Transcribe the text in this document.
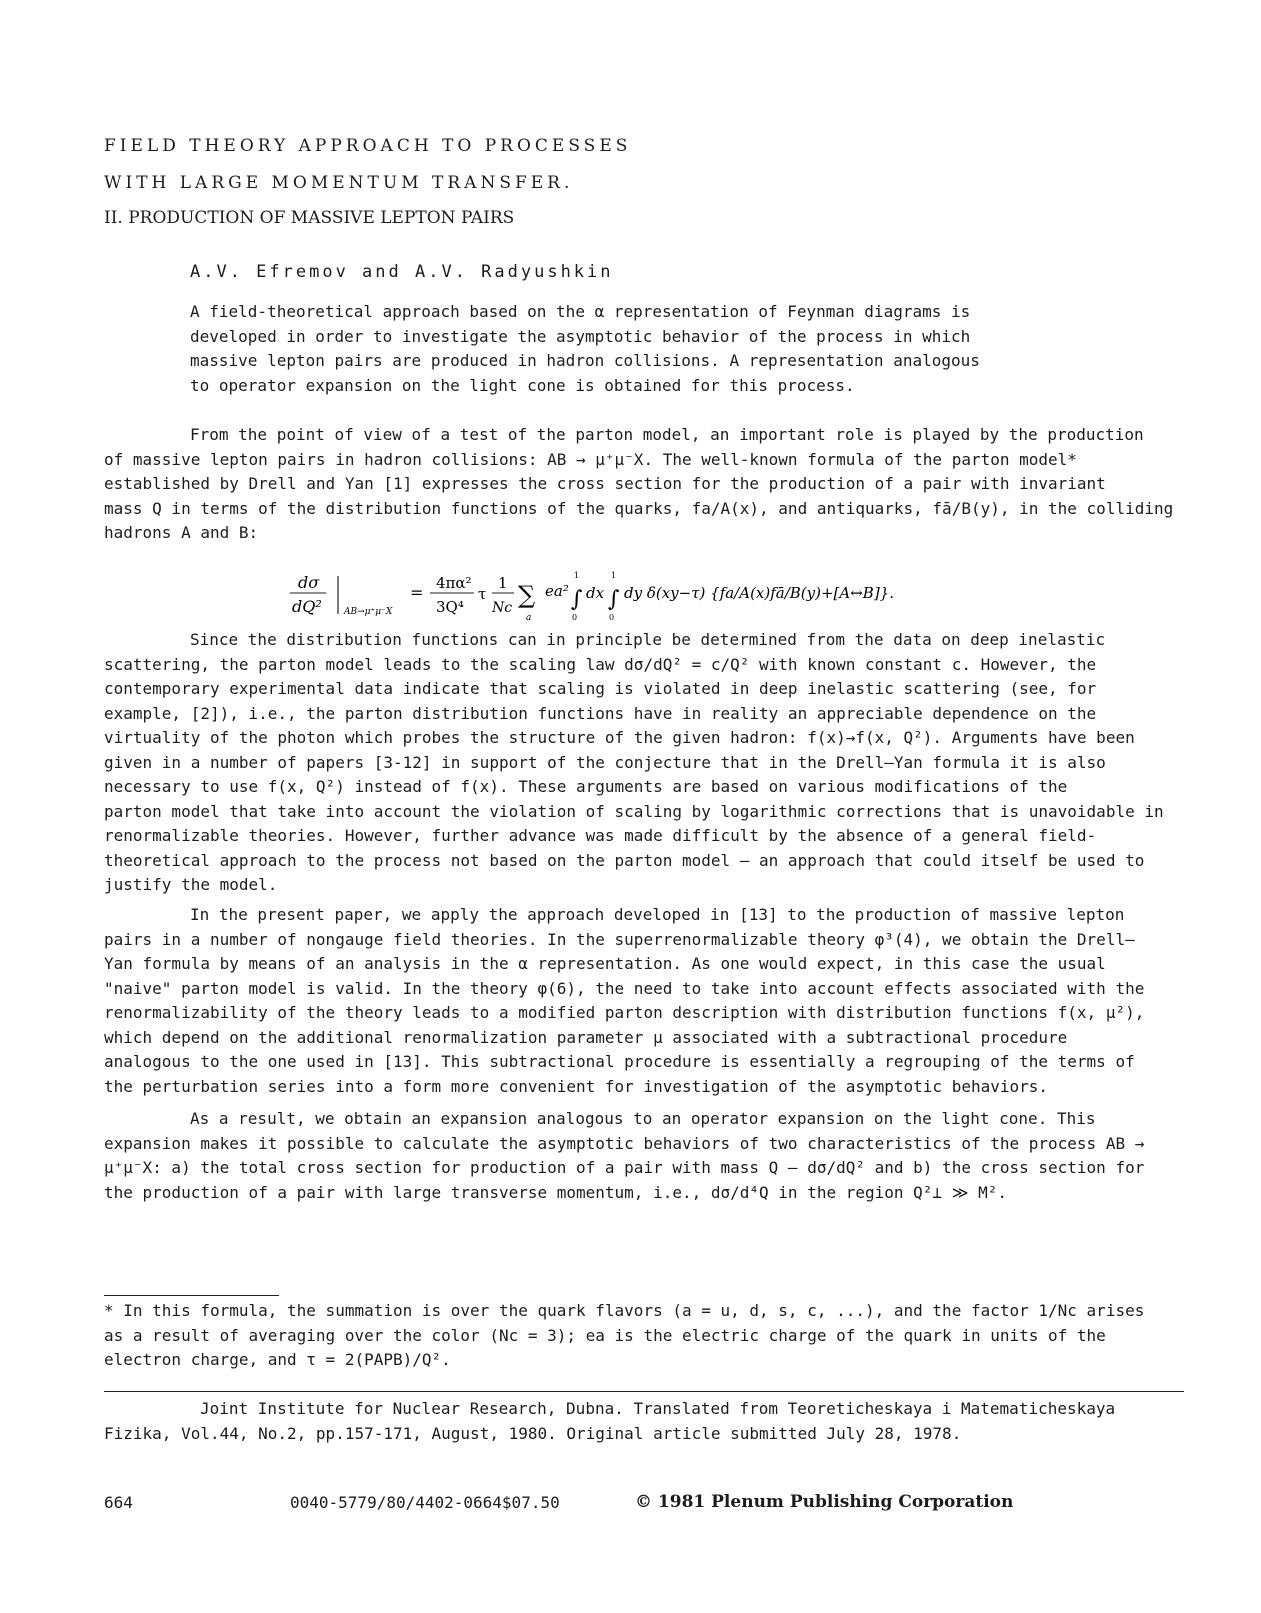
FIELD THEORY APPROACH TO PROCESSES
WITH LARGE MOMENTUM TRANSFER.
II. PRODUCTION OF MASSIVE LEPTON PAIRS
A.V. Efremov and A.V. Radyushkin
A field-theoretical approach based on the α representation of Feynman diagrams is
developed in order to investigate the asymptotic behavior of the process in which
massive lepton pairs are produced in hadron collisions. A representation analogous
to operator expansion on the light cone is obtained for this process.
From the point of view of a test of the parton model, an important role is played by the production
of massive lepton pairs in hadron collisions: AB → μ⁺μ⁻X. The well-known formula of the parton model*
established by Drell and Yan [1] expresses the cross section for the production of a pair with invariant
mass Q in terms of the distribution functions of the quarks, fa/A(x), and antiquarks, fā/B(y), in the colliding
hadrons A and B:
dσ
dQ² AB→μ⁺μ⁻X
= 4πα²
3Q⁴
τ
1
Nc ∑
a
ea² ∫
1
0
dx ∫
1
0
dy δ(xy−τ) {fa/A(x)fā/B(y)+[A↔B]}.
Since the distribution functions can in principle be determined from the data on deep inelastic
scattering, the parton model leads to the scaling law dσ/dQ² = c/Q² with known constant c. However, the
contemporary experimental data indicate that scaling is violated in deep inelastic scattering (see, for
example, [2]), i.e., the parton distribution functions have in reality an appreciable dependence on the
virtuality of the photon which probes the structure of the given hadron: f(x)→f(x, Q²). Arguments have been
given in a number of papers [3-12] in support of the conjecture that in the Drell–Yan formula it is also
necessary to use f(x, Q²) instead of f(x). These arguments are based on various modifications of the
parton model that take into account the violation of scaling by logarithmic corrections that is unavoidable in
renormalizable theories. However, further advance was made difficult by the absence of a general field-
theoretical approach to the process not based on the parton model – an approach that could itself be used to
justify the model.
In the present paper, we apply the approach developed in [13] to the production of massive lepton
pairs in a number of nongauge field theories. In the superrenormalizable theory φ³(4), we obtain the Drell–
Yan formula by means of an analysis in the α representation. As one would expect, in this case the usual
"naive" parton model is valid. In the theory φ(6), the need to take into account effects associated with the
renormalizability of the theory leads to a modified parton description with distribution functions f(x, μ²),
which depend on the additional renormalization parameter μ associated with a subtractional procedure
analogous to the one used in [13]. This subtractional procedure is essentially a regrouping of the terms of
the perturbation series into a form more convenient for investigation of the asymptotic behaviors.
As a result, we obtain an expansion analogous to an operator expansion on the light cone. This
expansion makes it possible to calculate the asymptotic behaviors of two characteristics of the process AB →
μ⁺μ⁻X: a) the total cross section for production of a pair with mass Q – dσ/dQ² and b) the cross section for
the production of a pair with large transverse momentum, i.e., dσ/d⁴Q in the region Q²⊥ ≫ M².
* In this formula, the summation is over the quark flavors (a = u, d, s, c, ...), and the factor 1/Nc arises
as a result of averaging over the color (Nc = 3); ea is the electric charge of the quark in units of the
electron charge, and τ = 2(PAPB)/Q².
Joint Institute for Nuclear Research, Dubna. Translated from Teoreticheskaya i Matematicheskaya
Fizika, Vol.44, No.2, pp.157-171, August, 1980. Original article submitted July 28, 1978.
664	0040-5779/80/4402-0664$07.50	© 1981 Plenum Publishing Corporation
